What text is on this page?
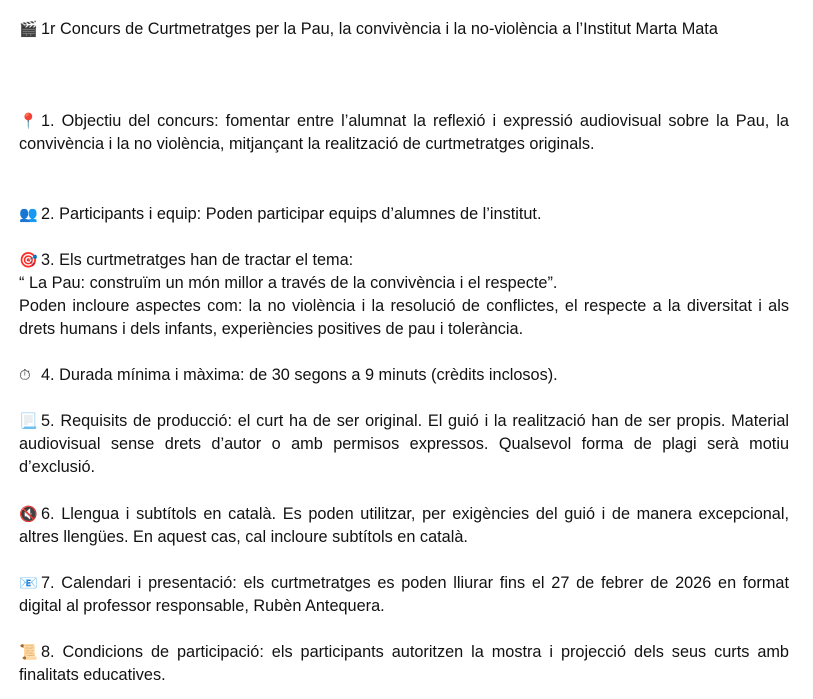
🎬 1r Concurs de Curtmetratges per la Pau, la convivència i la no-violència a l’Institut Marta Mata
📍 1. Objectiu del concurs: fomentar entre l’alumnat la reflexió i expressió audiovisual sobre la Pau, la convivència i la no violència, mitjançant la realització de curtmetratges originals.
👥 2. Participants i equip: Poden participar equips d’alumnes de l’institut.
🎯 3. Els curtmetratges han de tractar el tema:
“ La Pau: construïm un món millor a través de la convivència i el respecte”.
Poden incloure aspectes com: la no violència i la resolució de conflictes, el respecte a la diversitat i als drets humans i dels infants, experiències positives de pau i tolerància.
⏱ 4. Durada mínima i màxima: de 30 segons a 9 minuts (crèdits inclosos).
📃 5. Requisits de producció: el curt ha de ser original. El guió i la realització han de ser propis. Material audiovisual sense drets d’autor o amb permisos expressos. Qualsevol forma de plagi serà motiu d’exclusió.
🔇 6. Llengua i subtítols en català. Es poden utilitzar, per exigències del guió i de manera excepcional, altres llengües. En aquest cas, cal incloure subtítols en català.
📧 7. Calendari i presentació: els curtmetratges es poden lliurar fins el 27 de febrer de 2026 en format digital al professor responsable, Rubèn Antequera.
📜 8. Condicions de participació: els participants autoritzen la mostra i projecció dels seus curts amb finalitats educatives.
